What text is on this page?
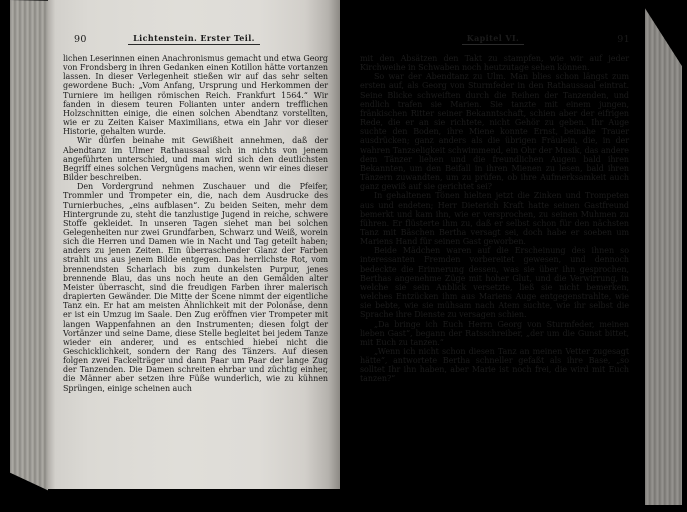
90	Lichtenstein. Erster Teil.

lichen Leserinnen einen Anachronismus gemacht und etwa Georg von Frondsberg in ihren Gedanken einen Kotillon hätte vortanzen lassen. In dieser Verlegenheit stießen wir auf das sehr selten gewordene Buch: „Vom Anfang, Ursprung und Herkommen der Turniere im heiligen römischen Reich. Frankfurt 1564.“ Wir fanden in diesem teuren Folianten unter andern trefflichen Holzschnitten einige, die einen solchen Abendtanz vorstellten, wie er zu Zeiten Kaiser Maximilians, etwa ein Jahr vor dieser Historie, gehalten wurde.

Wir dürfen beinahe mit Gewißheit annehmen, daß der Abendtanz im Ulmer Rathaussaal sich in nichts von jenem angeführten unterschied, und man wird sich den deutlichsten Begriff eines solchen Vergnügens machen, wenn wir eines dieser Bilder beschreiben.

Den Vordergrund nehmen Zuschauer und die Pfeifer, Trommler und Trompeter ein, die, nach dem Ausdrucke des Turnierbuches, „eins aufblasen“. Zu beiden Seiten, mehr dem Hintergrunde zu, steht die tanzlustige Jugend in reiche, schwere Stoffe gekleidet. In unseren Tagen siehet man bei solchen Gelegenheiten nur zwei Grundfarben, Schwarz und Weiß, worein sich die Herren und Damen wie in Nacht und Tag geteilt haben; anders zu jenen Zeiten. Ein überraschender Glanz der Farben strahlt uns aus jenem Bilde entgegen. Das herrlichste Rot, vom brennendsten Scharlach bis zum dunkelsten Purpur, jenes brennende Blau, das uns noch heute an den Gemälden alter Meister überrascht, sind die freudigen Farben ihrer malerisch drapierten Gewänder. Die Mitte der Scene nimmt der eigentliche Tanz ein. Er hat am meisten Ähnlichkeit mit der Polonäse, denn er ist ein Umzug im Saale. Den Zug eröffnen vier Trompeter mit langen Wappenfahnen an den Instrumenten; diesen folgt der Vortänzer und seine Dame, diese Stelle begleitet bei jedem Tanze wieder ein anderer, und es entschied hiebei nicht die Geschicklichkeit, sondern der Rang des Tänzers. Auf diesen folgen zwei Fackelträger und dann Paar um Paar der lange Zug der Tanzenden. Die Damen schreiten ehrbar und züchtig einher, die Männer aber setzen ihre Füße wunderlich, wie zu kühnen Sprüngen, einige scheinen auch

Kapitel VI.	91

mit den Absätzen den Takt zu stampfen, wie wir auf jeder Kirchweihe in Schwaben noch heutzutage sehen können.

So war der Abendtanz zu Ulm. Man blies schon längst zum ersten auf, als Georg von Sturmfeder in den Rathaussaal eintrat. Seine Blicke schweiften durch die Reihen der Tanzenden, und endlich trafen sie Marien. Sie tanzte mit einem jungen, fränkischen Ritter seiner Bekanntschaft, schien aber der eifrigen Rede, die er an sie richtete, nicht Gehör zu geben. Ihr Auge suchte den Boden, ihre Miene konnte Ernst, beinahe Trauer ausdrücken; ganz anders als die übrigen Fräulein, die, in der wahren Tanzseligkeit schwimmend, ein Ohr der Musik, das andere dem Tänzer liehen und die freundlichen Augen bald ihren Bekannten, um den Beifall in ihren Mienen zu lesen, bald ihren Tänzern zuwandten, um zu prüfen, ob ihre Aufmerksamkeit auch ganz gewiß auf sie gerichtet sei?

In gehaltenen Tönen hielten jetzt die Zinken und Trompeten aus und endeten; Herr Dieterich Kraft hatte seinen Gastfreund bemerkt und kam ihn, wie er versprochen, zu seinen Muhmen zu führen. Er flüsterte ihm zu, daß er selbst schon für den nächsten Tanz mit Bäschen Bertha versagt sei, doch habe er soeben um Mariens Hand für seinen Gast geworben.

Beide Mädchen waren auf die Erscheinung des ihnen so interessanten Fremden vorbereitet gewesen, und dennoch bedeckte die Erinnerung dessen, was sie über ihn gesprochen, Berthas angenehme Züge mit hoher Glut, und die Verwirrung, in welche sie sein Anblick versetzte, ließ sie nicht bemerken, welches Entzücken ihm aus Mariens Auge entgegenstrahlte, wie sie bebte, wie sie mühsam nach Atem suchte, wie ihr selbst die Sprache ihre Dienste zu versagen schien.

„Da bringe ich Euch Herrn Georg von Sturmfeder, meinen lieben Gast“, begann der Ratsschreiber, „der um die Gunst bittet, mit Euch zu tanzen.“

„Wenn ich nicht schon diesen Tanz an meinen Vetter zugesagt hätte“, antwortete Bertha schneller gefaßt als ihre Base, „so solltet Ihr ihn haben, aber Marie ist noch frei, die wird mit Euch tanzen?“
